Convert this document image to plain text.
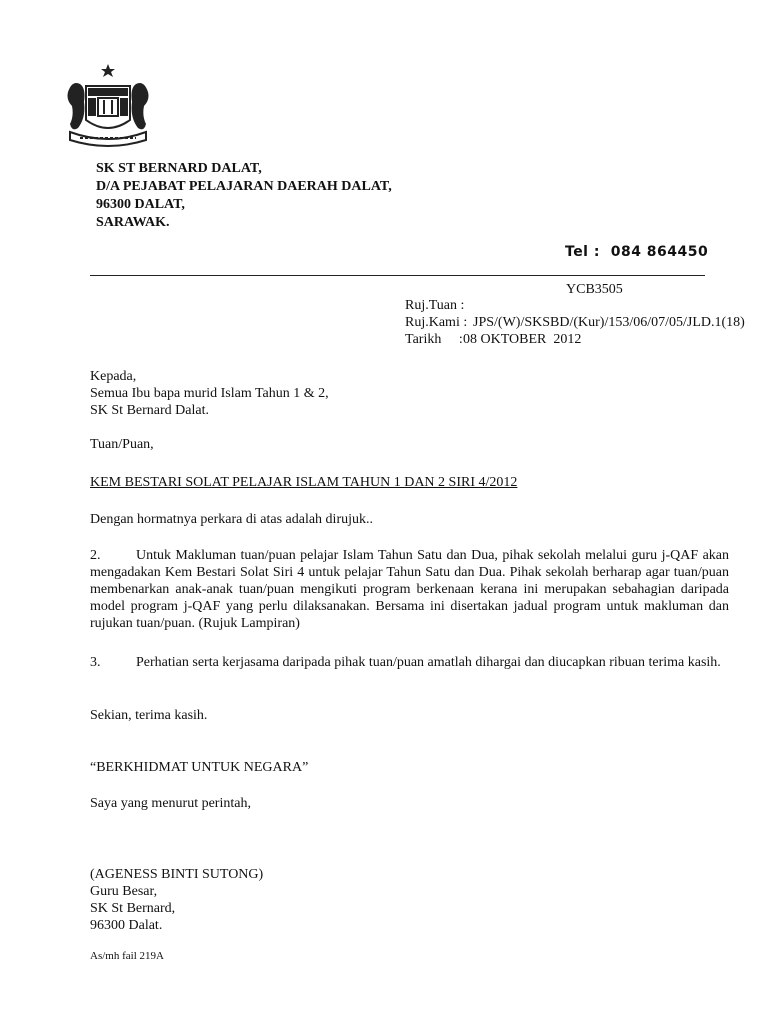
SK ST BERNARD DALAT,
D/A PEJABAT PELAJARAN DAERAH DALAT,
96300 DALAT,
SARAWAK.
Tel :  084 864450
YCB3505
Ruj.Tuan :
Ruj.Kami : JPS/(W)/SKSBD/(Kur)/153/06/07/05/JLD.1(18)
Tarikh     : 08 OKTOBER  2012
Kepada,
Semua Ibu bapa murid Islam Tahun 1 & 2,
SK St Bernard Dalat.
Tuan/Puan,
KEM BESTARI SOLAT PELAJAR ISLAM TAHUN 1 DAN 2 SIRI 4/2012
Dengan hormatnya perkara di atas adalah dirujuk..
2.	Untuk Makluman tuan/puan pelajar Islam Tahun Satu dan Dua, pihak sekolah melalui guru j-QAF akan mengadakan Kem Bestari Solat Siri 4 untuk pelajar Tahun Satu dan Dua. Pihak sekolah berharap agar tuan/puan membenarkan anak-anak tuan/puan mengikuti program berkenaan kerana ini merupakan sebahagian daripada model program j-QAF yang perlu dilaksanakan. Bersama ini disertakan jadual program untuk makluman dan rujukan tuan/puan. (Rujuk Lampiran)
3.	Perhatian serta kerjasama daripada pihak tuan/puan amatlah dihargai dan diucapkan ribuan terima kasih.
Sekian, terima kasih.
“BERKHIDMAT UNTUK NEGARA”
Saya yang menurut perintah,
(AGENESS BINTI SUTONG)
Guru Besar,
SK St Bernard,
96300 Dalat.
As/mh fail 219A
